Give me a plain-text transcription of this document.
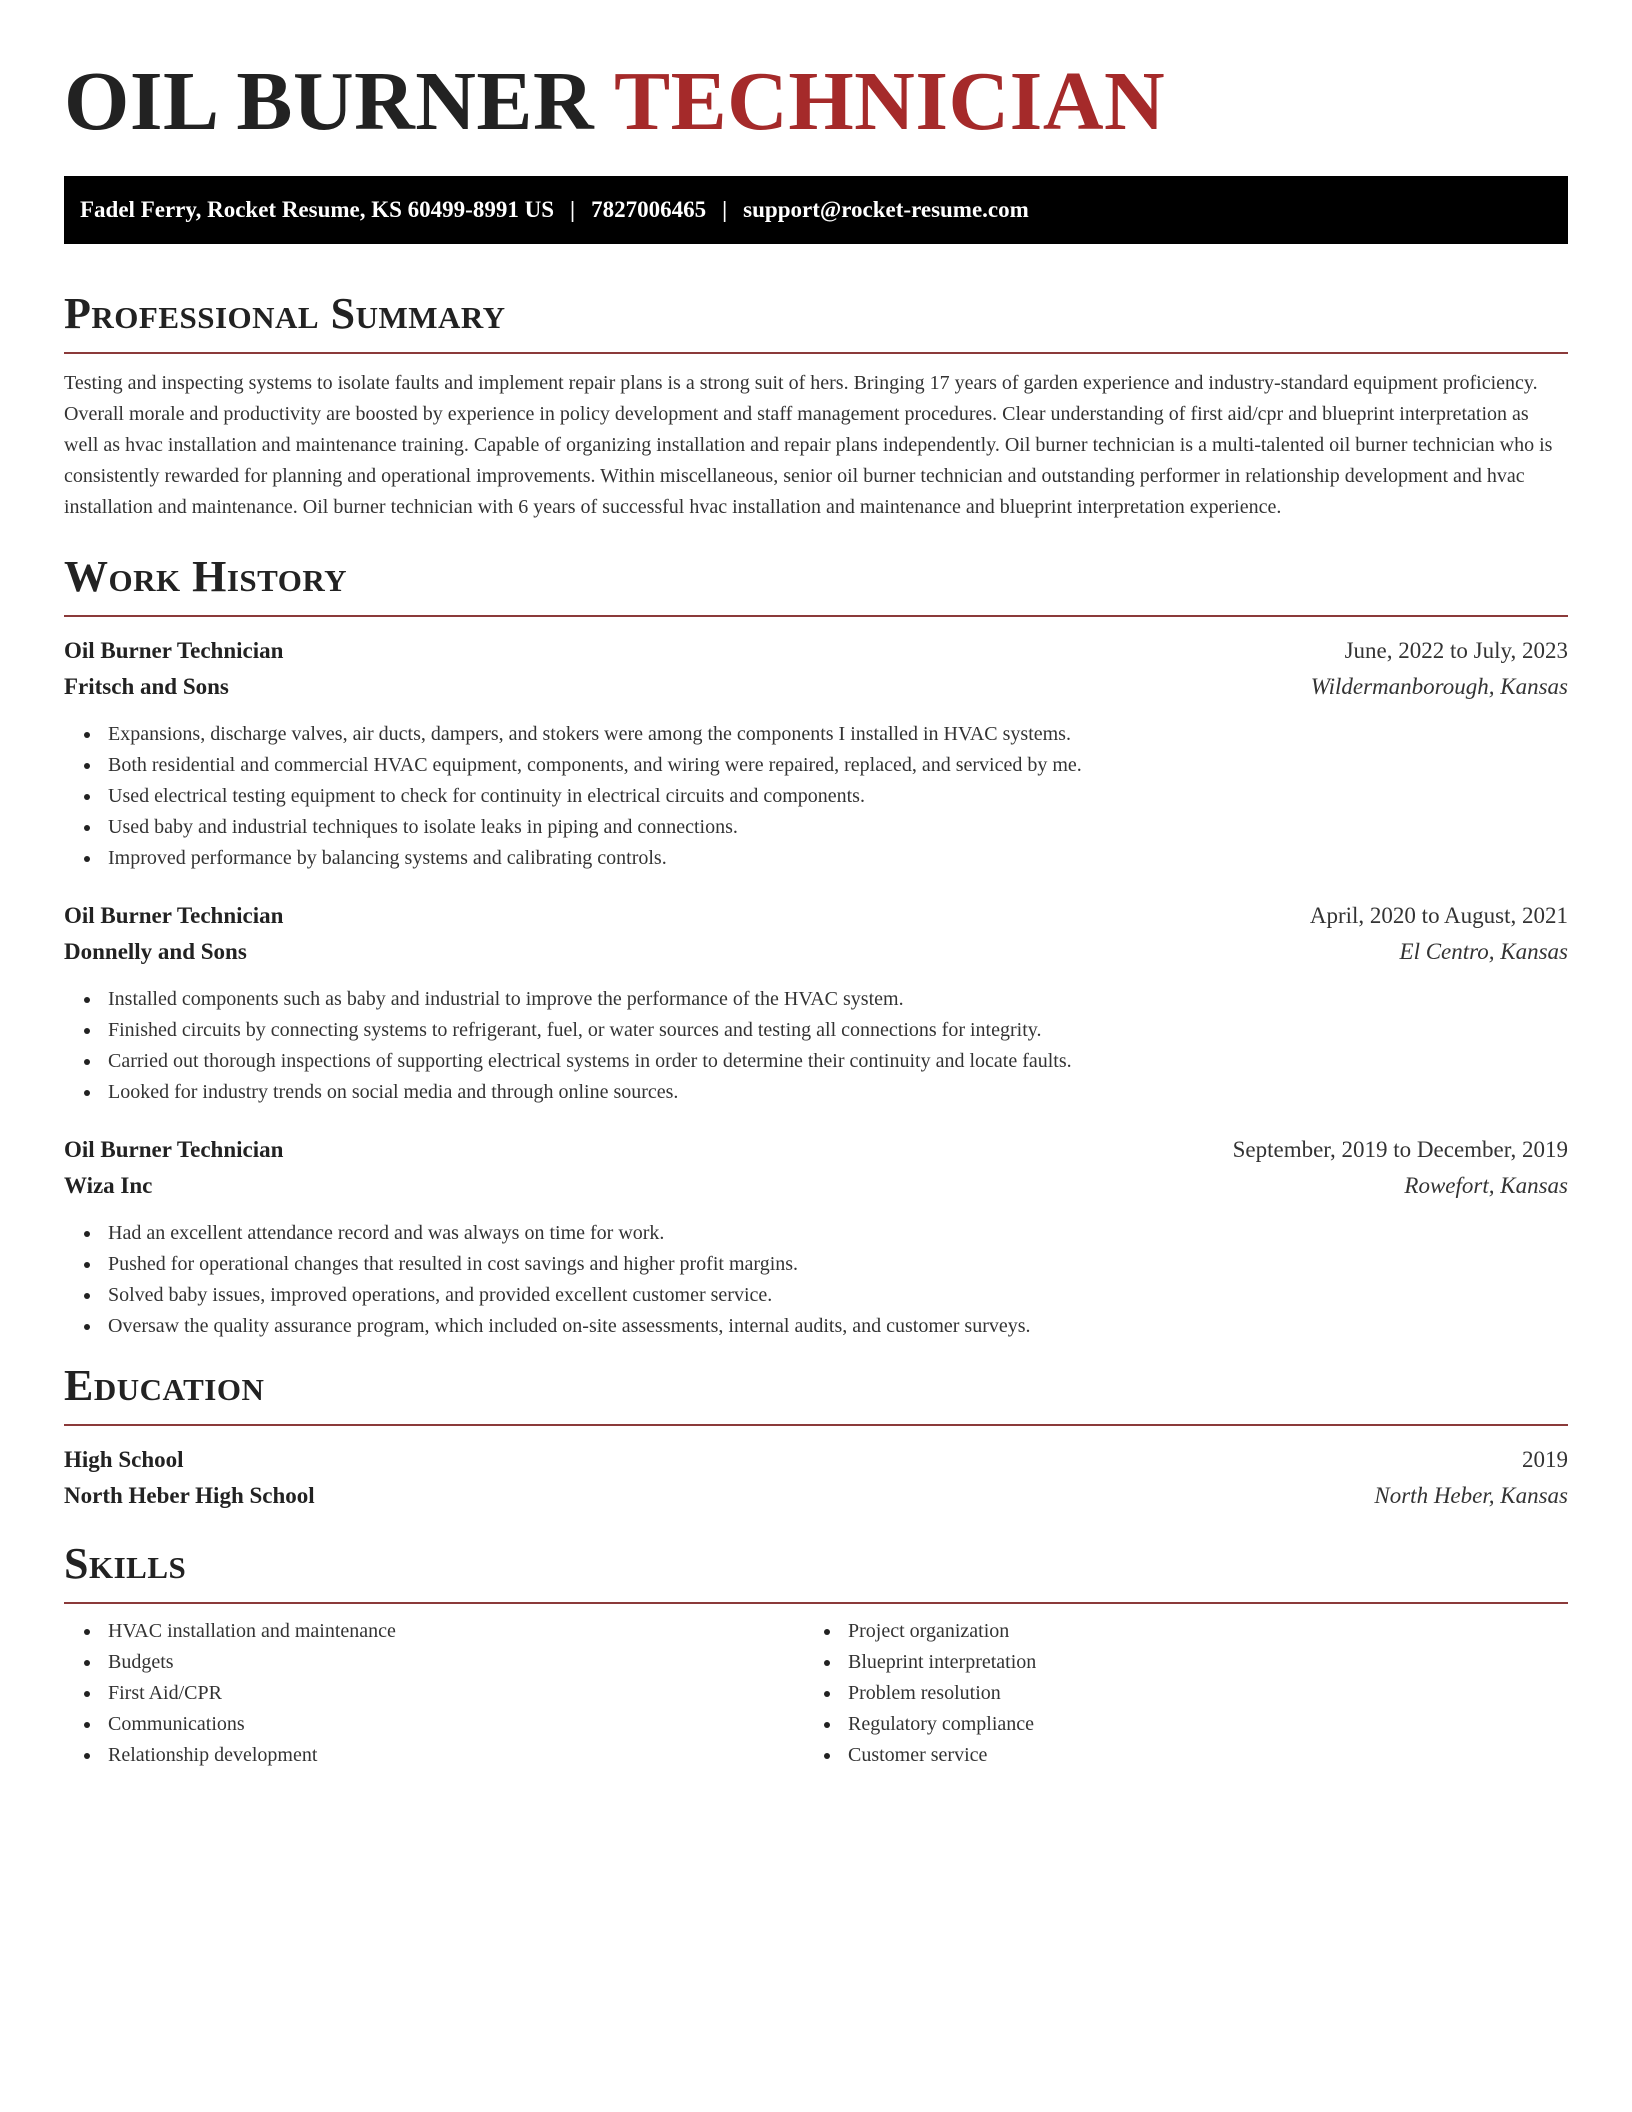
OIL BURNER TECHNICIAN
Fadel Ferry, Rocket Resume, KS 60499-8991 US | 7827006465 | support@rocket-resume.com
Professional Summary

Testing and inspecting systems to isolate faults and implement repair plans is a strong suit of hers. Bringing 17 years of garden experience and industry-standard equipment proficiency. Overall morale and productivity are boosted by experience in policy development and staff management procedures. Clear understanding of first aid/cpr and blueprint interpretation as well as hvac installation and maintenance training. Capable of organizing installation and repair plans independently. Oil burner technician is a multi-talented oil burner technician who is consistently rewarded for planning and operational improvements. Within miscellaneous, senior oil burner technician and outstanding performer in relationship development and hvac installation and maintenance. Oil burner technician with 6 years of successful hvac installation and maintenance and blueprint interpretation experience.

Work History
Oil Burner Technician	June, 2022 to July, 2023
Fritsch and Sons	Wildermanborough, Kansas
Expansions, discharge valves, air ducts, dampers, and stokers were among the components I installed in HVAC systems.
Both residential and commercial HVAC equipment, components, and wiring were repaired, replaced, and serviced by me.
Used electrical testing equipment to check for continuity in electrical circuits and components.
Used baby and industrial techniques to isolate leaks in piping and connections.
Improved performance by balancing systems and calibrating controls.
Oil Burner Technician	April, 2020 to August, 2021
Donnelly and Sons	El Centro, Kansas
Installed components such as baby and industrial to improve the performance of the HVAC system.
Finished circuits by connecting systems to refrigerant, fuel, or water sources and testing all connections for integrity.
Carried out thorough inspections of supporting electrical systems in order to determine their continuity and locate faults.
Looked for industry trends on social media and through online sources.
Oil Burner Technician	September, 2019 to December, 2019
Wiza Inc	Rowefort, Kansas
Had an excellent attendance record and was always on time for work.
Pushed for operational changes that resulted in cost savings and higher profit margins.
Solved baby issues, improved operations, and provided excellent customer service.
Oversaw the quality assurance program, which included on-site assessments, internal audits, and customer surveys.
Education
High School	2019
North Heber High School	North Heber, Kansas
Skills
HVAC installation and maintenance
Budgets
First Aid/CPR
Communications
Relationship development
Project organization
Blueprint interpretation
Problem resolution
Regulatory compliance
Customer service
